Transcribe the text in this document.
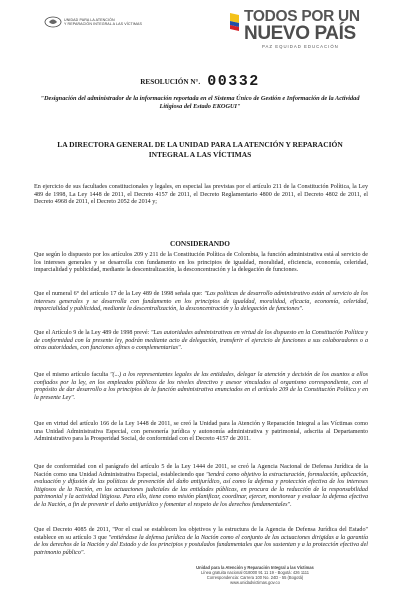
UNIDAD PARA LA ATENCIÓN
Y REPARACIÓN INTEGRAL A LAS VÍCTIMAS	TODOS POR UN
NUEVO PAÍS
PAZ EQUIDAD EDUCACIÓN
RESOLUCIÓN N°. 00332
"Designación del administrador de la información reportada en el Sistema Único de Gestión e Información de la Actividad Litigiosa del Estado EKOGUI"
LA DIRECTORA GENERAL DE LA UNIDAD PARA LA ATENCIÓN Y REPARACIÓN INTEGRAL A LAS VÍCTIMAS
En ejercicio de sus facultades constitucionales y legales, en especial las previstas por el artículo 211 de la Constitución Política, la Ley 489 de 1998, La Ley 1448 de 2011, el Decreto 4157 de 2011, el Decreto Reglamentario 4800 de 2011, el Decreto 4802 de 2011, el Decreto 4968 de 2011, el Decreto 2052 de 2014 y;
CONSIDERANDO
Que según lo dispuesto por los artículos 209 y 211 de la Constitución Política de Colombia, la función administrativa está al servicio de los intereses generales y se desarrolla con fundamento en los principios de igualdad, moralidad, eficiencia, economía, celeridad, imparcialidad y publicidad, mediante la descentralización, la desconcentración y la delegación de funciones.
Que el numeral 6° del artículo 17 de la Ley 489 de 1998 señala que: "Las políticas de desarrollo administrativo están al servicio de los intereses generales y se desarrolla con fundamento en los principios de igualdad, moralidad, eficacia, economía, celeridad, imparcialidad y publicidad, mediante la descentralización, la desconcentración y la delegación de funciones".
Que el Artículo 9 de la Ley 489 de 1998 prevé: "Las autoridades administrativas en virtud de los dispuesto en la Constitución Política y de conformidad con la presente ley, podrán mediante acto de delegación, transferir el ejercicio de funciones a sus colaboradores o a otras autoridades, con funciones afines o complementarias".
Que el mismo artículo faculta "(...) a los representantes legales de las entidades, delegar la atención y decisión de los asuntos a ellos confiados por la ley, en los empleados públicos de los niveles directivo y asesor vinculados al organismo correspondiente, con el propósito de dar desarrollo a los principios de la función administrativa enunciados en el artículo 209 de la Constitución Política y en la presente Ley".
Que en virtud del artículo 166 de la Ley 1448 de 2011, se creó la Unidad para la Atención y Reparación Integral a las Víctimas como una Unidad Administrativa Especial, con personería jurídica y autonomía administrativa y patrimonial, adscrita al Departamento Administrativo para la Prosperidad Social, de conformidad con el Decreto 4157 de 2011.
Que de conformidad con el parágrafo del artículo 5 de la Ley 1444 de 2011, se creó la Agencia Nacional de Defensa Jurídica de la Nación como una Unidad Administrativa Especial, estableciendo que "tendrá como objetivo la estructuración, formulación, aplicación, evaluación y difusión de las políticas de prevención del daño antijurídico, así como la defensa y protección efectiva de los intereses litigiosos de la Nación, en las actuaciones judiciales de las entidades públicas, en procura de la reducción de la responsabilidad patrimonial y la actividad litigiosa. Para ello, tiene como misión planificar, coordinar, ejercer, monitorear y evaluar la defensa efectiva de la Nación, a fin de prevenir el daño antijurídico y fomentar el respeto de los derechos fundamentales".
Que el Decreto 4085 de 2011, "Por el cual se establecen los objetivos y la estructura de la Agencia de Defensa Jurídica del Estado" establece en su artículo 3 que "entiéndase la defensa jurídica de la Nación como el conjunto de las actuaciones dirigidas a la garantía de los derechos de la Nación y del Estado y de los principios y postulados fundamentales que los sustentan y a la protección efectiva del patrimonio público".
Unidad para la Atención y Reparación Integral a las Víctimas
Línea gratuita nacional 018000 91 11 19 - Bogotá: 426 1111
Correspondencia: Carrera 100 No. 24D - 55 (Bogotá)
www.unidadvictimas.gov.co
